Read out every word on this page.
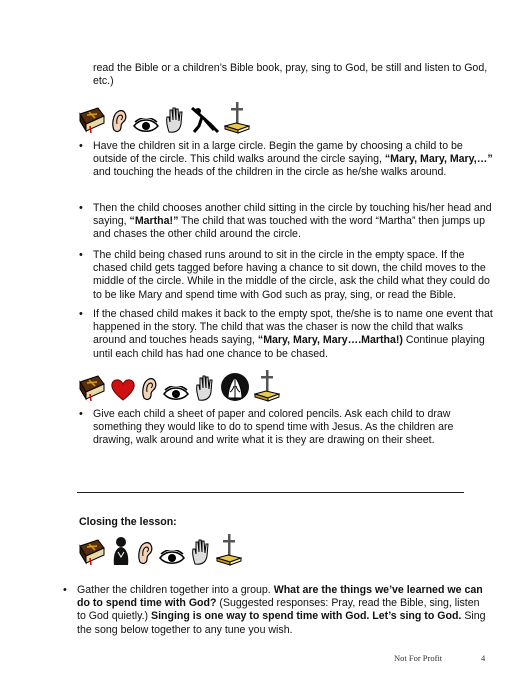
read the Bible or a children’s Bible book, pray, sing to God, be still and listen to God, etc.)
• Have the children sit in a large circle. Begin the game by choosing a child to be outside of the circle. This child walks around the circle saying, “Mary, Mary, Mary,…” and touching the heads of the children in the circle as he/she walks around.
• Then the child chooses another child sitting in the circle by touching his/her head and saying, “Martha!” The child that was touched with the word “Martha” then jumps up and chases the other child around the circle.
• The child being chased runs around to sit in the circle in the empty space. If the chased child gets tagged before having a chance to sit down, the child moves to the middle of the circle. While in the middle of the circle, ask the child what they could do to be like Mary and spend time with God such as pray, sing, or read the Bible.
• If the chased child makes it back to the empty spot, the/she is to name one event that happened in the story. The child that was the chaser is now the child that walks around and touches heads saying, “Mary, Mary, Mary….Martha!) Continue playing until each child has had one chance to be chased.
• Give each child a sheet of paper and colored pencils. Ask each child to draw something they would like to do to spend time with Jesus. As the children are drawing, walk around and write what it is they are drawing on their sheet.
Closing the lesson:
• Gather the children together into a group. What are the things we’ve learned we can do to spend time with God? (Suggested responses: Pray, read the Bible, sing, listen to God quietly.) Singing is one way to spend time with God. Let’s sing to God. Sing the song below together to any tune you wish.
Not For Profit	4
